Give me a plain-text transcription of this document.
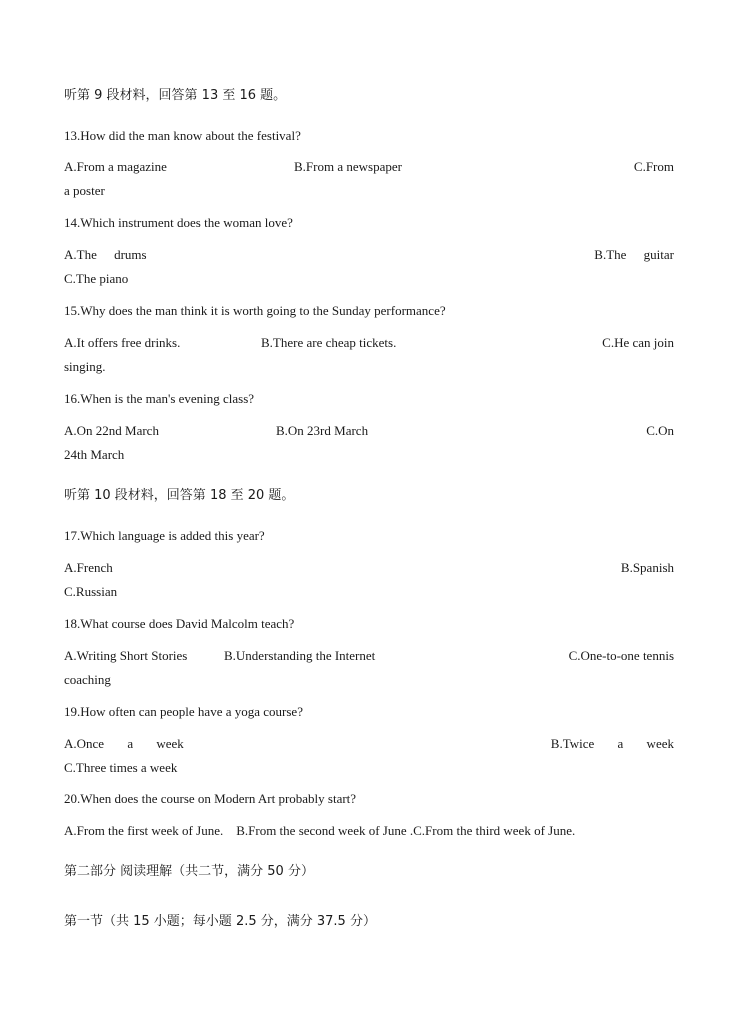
听第 9 段材料，回答第 13 至 16 题。
13.How did the man know about the festival?
A.From a magazine	B.From a newspaper	C.From
a poster
14.Which instrument does the woman love?
A.The drums	B.The guitar
C.The piano
15.Why does the man think it is worth going to the Sunday performance?
A.It offers free drinks.	B.There are cheap tickets.	C.He can join
singing.
16.When is the man's evening class?
A.On 22nd March	B.On 23rd March	C.On
24th March
听第 10 段材料，回答第 18 至 20 题。
17.Which language is added this year?
A.French	B.Spanish
C.Russian
18.What course does David Malcolm teach?
A.Writing Short Stories	B.Understanding the Internet	C.One-to-one tennis
coaching
19.How often can people have a yoga course?
A.Once a week	B.Twice a week
C.Three times a week
20.When does the course on Modern Art probably start?
A.From the first week of June.    B.From the second week of June .C.From the third week of June.
第二部分 阅读理解（共二节，满分 50 分）
第一节（共 15 小题；每小题 2.5 分，满分 37.5 分）
